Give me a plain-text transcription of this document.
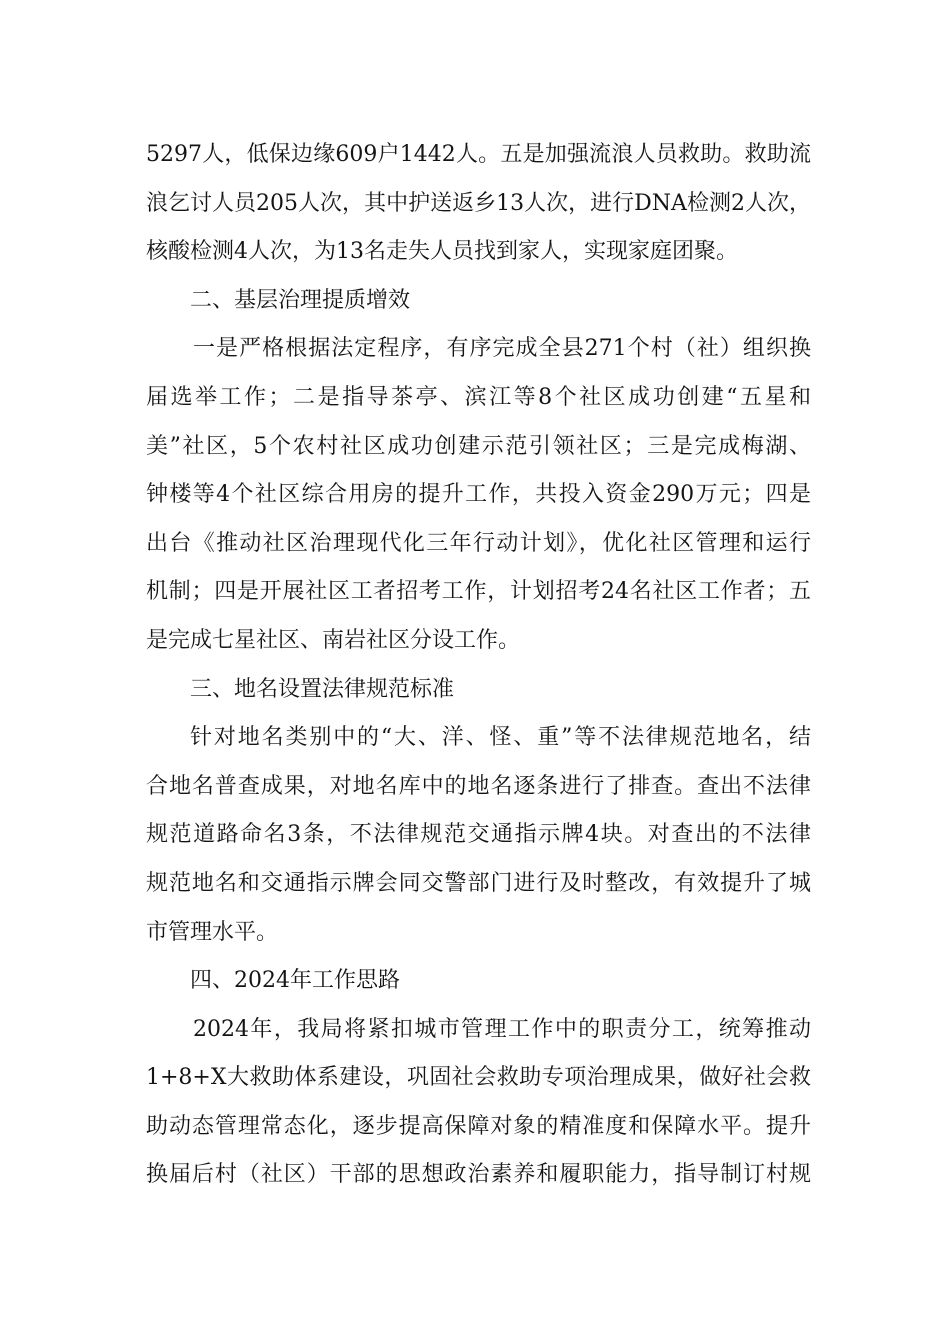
5297人，低保边缘609户1442人。五是加强流浪人员救助。救助流
浪乞讨人员205人次，其中护送返乡13人次，进行DNA检测2人次，
核酸检测4人次，为13名走失人员找到家人，实现家庭团聚。
二、基层治理提质增效
一是严格根据法定程序，有序完成全县271个村（社）组织换
届选举工作；二是指导茶亭、滨江等8个社区成功创建“五星和
美”社区，5个农村社区成功创建示范引领社区；三是完成梅湖、
钟楼等4个社区综合用房的提升工作，共投入资金290万元；四是
出台《推动社区治理现代化三年行动计划》，优化社区管理和运行
机制；四是开展社区工者招考工作，计划招考24名社区工作者；五
是完成七星社区、南岩社区分设工作。
三、地名设置法律规范标准
针对地名类别中的“大、洋、怪、重”等不法律规范地名，结
合地名普查成果，对地名库中的地名逐条进行了排查。查出不法律
规范道路命名3条，不法律规范交通指示牌4块。对查出的不法律
规范地名和交通指示牌会同交警部门进行及时整改，有效提升了城
市管理水平。
四、2024年工作思路
2024年，我局将紧扣城市管理工作中的职责分工，统筹推动
1+8+X大救助体系建设，巩固社会救助专项治理成果，做好社会救
助动态管理常态化，逐步提高保障对象的精准度和保障水平。提升
换届后村（社区）干部的思想政治素养和履职能力，指导制订村规
